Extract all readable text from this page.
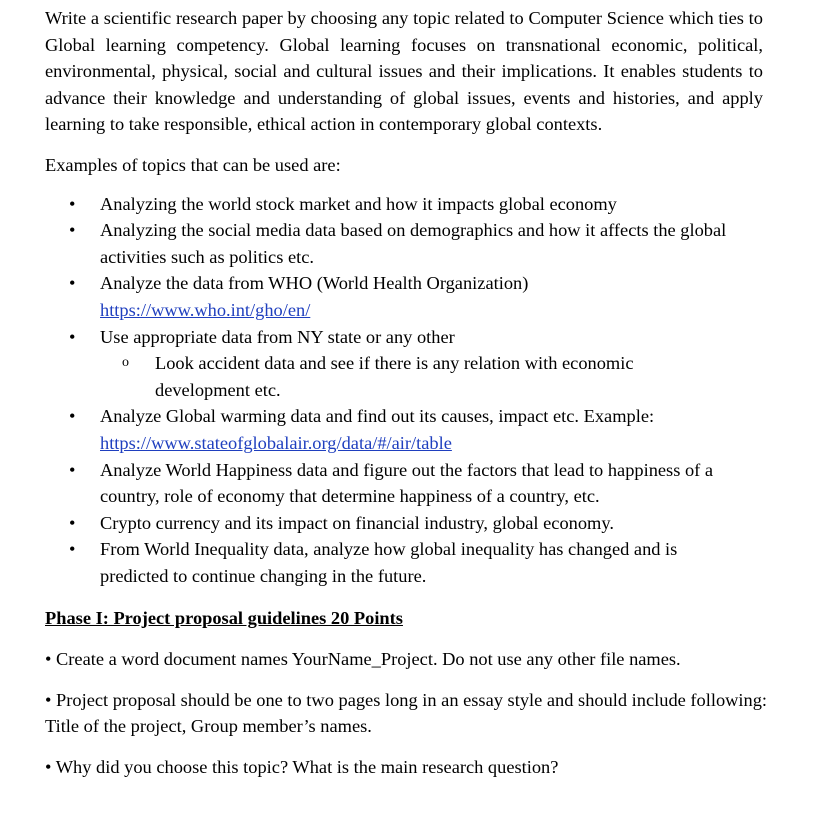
Write a scientific research paper by choosing any topic related to Computer Science which ties to Global learning competency. Global learning focuses on transnational economic, political, environmental, physical, social and cultural issues and their implications. It enables students to advance their knowledge and understanding of global issues, events and histories, and apply learning to take responsible, ethical action in contemporary global contexts.

Examples of topics that can be used are:

• Analyzing the world stock market and how it impacts global economy
• Analyzing the social media data based on demographics and how it affects the global activities such as politics etc.
• Analyze the data from WHO (World Health Organization)
https://www.who.int/gho/en/
• Use appropriate data from NY state or any other
o Look accident data and see if there is any relation with economic development etc.
• Analyze Global warming data and find out its causes, impact etc. Example:
https://www.stateofglobalair.org/data/#/air/table
• Analyze World Happiness data and figure out the factors that lead to happiness of a country, role of economy that determine happiness of a country, etc.
• Crypto currency and its impact on financial industry, global economy.
• From World Inequality data, analyze how global inequality has changed and is predicted to continue changing in the future.

Phase I: Project proposal guidelines 20 Points

• Create a word document names YourName_Project. Do not use any other file names.

• Project proposal should be one to two pages long in an essay style and should include following: Title of the project, Group member’s names.

• Why did you choose this topic? What is the main research question?
